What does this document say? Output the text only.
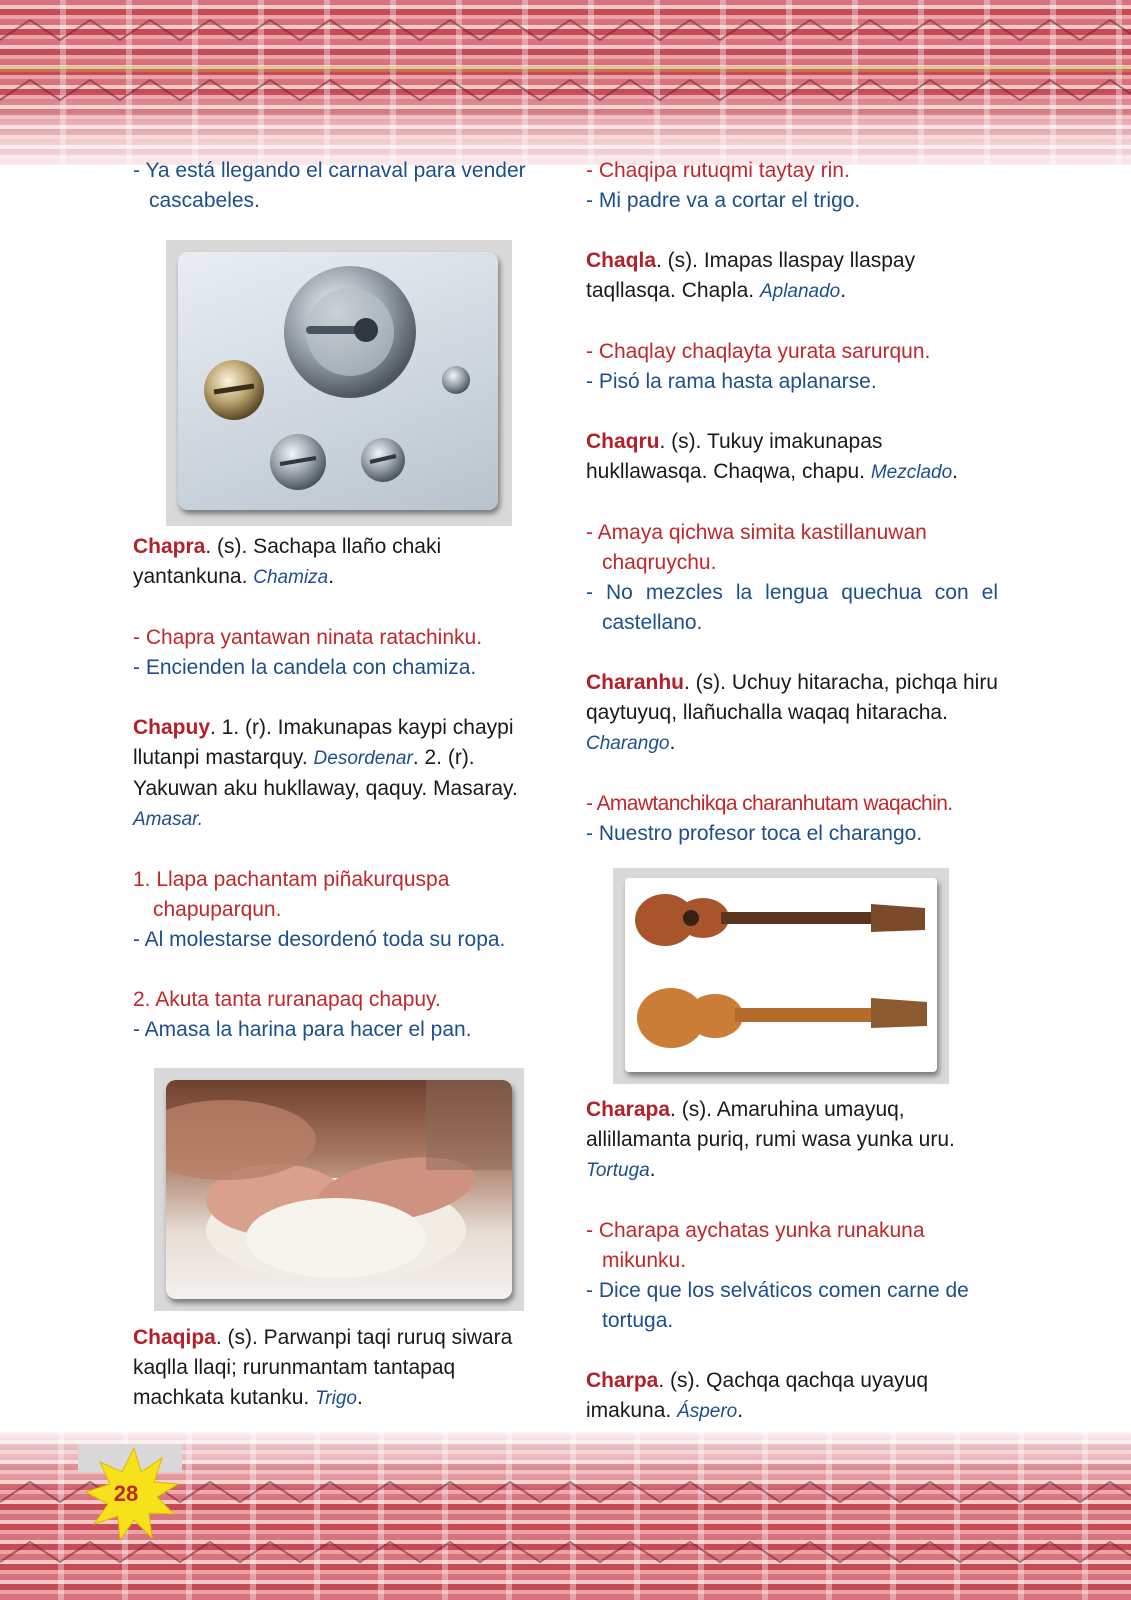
- Ya está llegando el carnaval para vender cascabeles.

Chapra. (s). Sachapa llaño chaki yantankuna. Chamiza.

- Chapra yantawan ninata ratachinku.

- Encienden la candela con chamiza.

Chapuy. 1. (r). Imakunapas kaypi chaypi llutanpi mastarquy. Desordenar. 2. (r). Yakuwan aku hukllaway, qaquy. Masaray.
Amasar.

1. Llapa pachantam piñakurquspa chapuparqun.

- Al molestarse desordenó toda su ropa.

2. Akuta tanta ruranapaq chapuy.

- Amasa la harina para hacer el pan.

Chaqipa. (s). Parwanpi taqi ruruq siwara kaqlla llaqi; rurunmantam tantapaq machkata kutanku. Trigo.

- Chaqipa rutuqmi taytay rin.

- Mi padre va a cortar el trigo.

Chaqla. (s). Imapas llaspay llaspay taqllasqa. Chapla. Aplanado.

- Chaqlay chaqlayta yurata sarurqun.

- Pisó la rama hasta aplanarse.

Chaqru. (s). Tukuy imakunapas hukllawasqa. Chaqwa, chapu. Mezclado.

- Amaya qichwa simita kastillanuwan chaqruychu.

- No mezcles la lengua quechua con el castellano.

Charanhu. (s). Uchuy hitaracha, pichqa hiru qaytuyuq, llañuchalla waqaq hitaracha. Charango.

- Amawtanchikqa charanhutam waqachin.

- Nuestro profesor toca el charango.

Charapa. (s). Amaruhina umayuq, allillamanta puriq, rumi wasa yunka uru. Tortuga.

- Charapa aychatas yunka runakuna mikunku.

- Dice que los selváticos comen carne de tortuga.

Charpa. (s). Qachqa qachqa uyayuq imakuna. Áspero.

28
